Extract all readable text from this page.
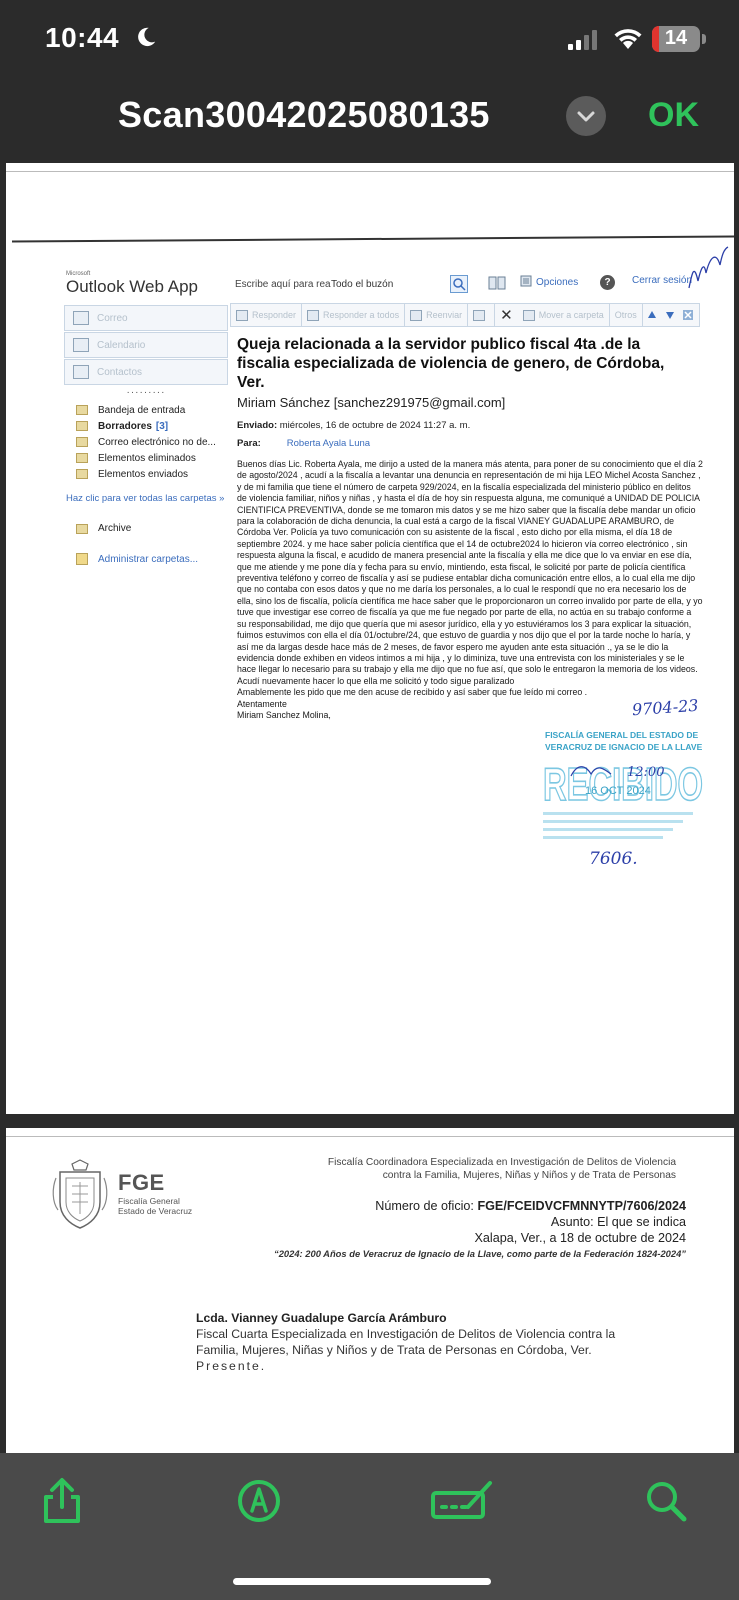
10:44	14
Scan30042025080135	OK
Microsoft
Outlook Web App	Escribe aquí para rea Todo el buzón	Opciones	?	Cerrar sesión
Correo
Calendario
Contactos
·········
Bandeja de entrada
Borradores [3]
Correo electrónico no de...
Elementos eliminados
Elementos enviados
Haz clic para ver todas las carpetas »
Archive
Administrar carpetas...
Responder	Responder a todos	Reenviar	✕	Mover a carpeta Otros
Queja relacionada a la servidor publico fiscal 4ta .de la fiscalia especializada de violencia de genero, de Córdoba, Ver.
Miriam Sánchez [sanchez291975@gmail.com]
Enviado: miércoles, 16 de octubre de 2024 11:27 a. m.
Para:	Roberta Ayala Luna
Buenos días Lic. Roberta Ayala, me dirijo a usted de la manera más atenta, para poner de su conocimiento que el día 2 de agosto/2024 , acudí a la fiscalía a levantar una denuncia en representación de mi hija LEO Michel Acosta Sanchez , y de mi familia que tiene el número de carpeta 929/2024, en la fiscalía especializada del ministerio público en delitos de violencia familiar, niños y niñas , y hasta el día de hoy sin respuesta alguna, me comuniqué a UNIDAD DE POLICIA CIENTIFICA PREVENTIVA, donde se me tomaron mis datos y se me hizo saber que la fiscalía debe mandar un oficio para la colaboración de dicha denuncia, la cual está a cargo de la fiscal VIANEY GUADALUPE ARAMBURO, de Córdoba Ver. Policía ya tuvo comunicación con su asistente de la fiscal , esto dicho por ella misma, el día 18 de septiembre 2024. y me hace saber policía científica que el 14 de octubre2024 lo hicieron vía correo electrónico , sin respuesta alguna la fiscal, e acudido de manera presencial ante la fiscalía y ella me dice que lo va enviar en ese día, que me atiende y me pone día y fecha para su envío, mintiendo, esta fiscal, le solicité por parte de policía científica preventiva teléfono y correo de fiscalía y así se pudiese entablar dicha comunicación entre ellos, a lo cual ella me dijo que no contaba con esos datos y que no me daría los personales, a lo cual le respondí que no era necesario los de ella, sino los de fiscalía, policía científica me hace saber que le proporcionaron un correo invalido por parte de ella, y yo tuve que investigar ese correo de fiscalía ya que me fue negado por parte de ella, no actúa en su trabajo conforme a su responsabilidad, me dijo que quería que mi asesor jurídico, ella y yo estuviéramos los 3 para explicar la situación, fuimos estuvimos con ella el día 01/octubre/24, que estuvo de guardia y nos dijo que el por la tarde noche lo haría, y así me da largas desde hace más de 2 meses, de favor espero me ayuden ante esta situación ., ya se le dio la evidencia donde exhiben en videos intimos a mi hija , y lo diminiza, tuve una entrevista con los ministeriales y se le hace llegar lo necesario para su trabajo y ella me dijo que no fue así, que solo le entregaron la memoria de los videos. Acudí nuevamente hacer lo que ella me solicitó y todo sigue paralizado
Amablemente les pido que me den acuse de recibido y así saber que fue leído mi correo .
Atentamente
Miriam Sanchez Molina,	9704-23
FISCALÍA GENERAL DEL ESTADO DE
VERACRUZ DE IGNACIO DE LA LLAVE
RECIBIDO
12:00
16 OCT 2024
7606.
FGE
Fiscalía General
Estado de Veracruz
Fiscalía Coordinadora Especializada en Investigación de Delitos de Violencia
contra la Familia, Mujeres, Niñas y Niños y de Trata de Personas
Número de oficio: FGE/FCEIDVCFMNNYTP/7606/2024
Asunto: El que se indica
Xalapa, Ver., a 18 de octubre de 2024
“2024: 200 Años de Veracruz de Ignacio de la Llave, como parte de la Federación 1824-2024”
Lcda. Vianney Guadalupe García Arámburo
Fiscal Cuarta Especializada en Investigación de Delitos de Violencia contra la
Familia, Mujeres, Niñas y Niños y de Trata de Personas en Córdoba, Ver.
Presente.
